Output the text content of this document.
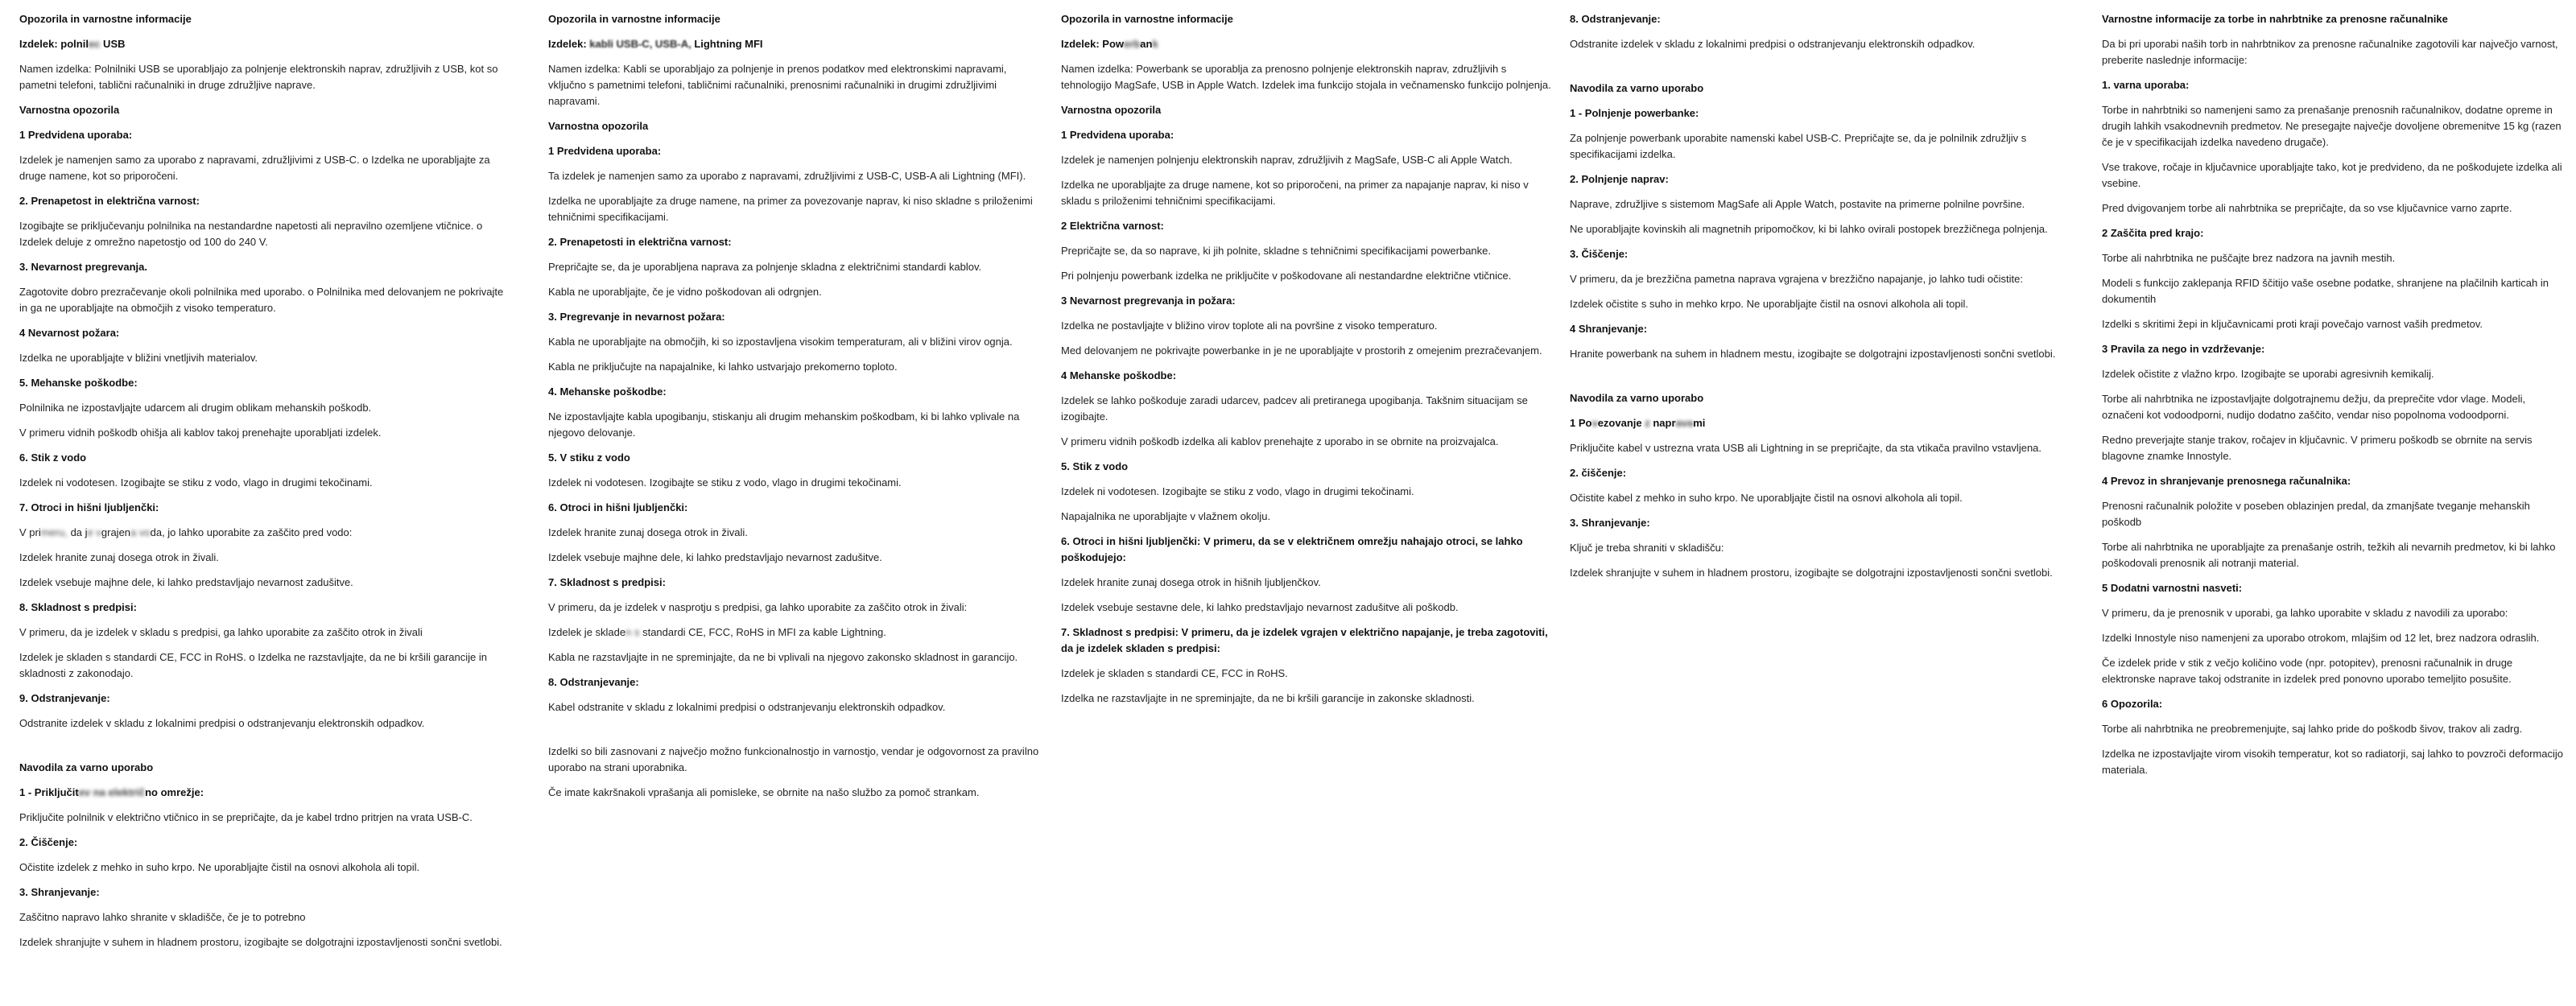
Opozorila in varnostne informacije
Izdelek: polnilec USB

Namen izdelka: Polnilniki USB se uporabljajo za polnjenje elektronskih naprav, združljivih z USB, kot so pametni telefoni, tablični računalniki in druge združljive naprave.

Varnostna opozorila
1 Predvidena uporaba:

Izdelek je namenjen samo za uporabo z napravami, združljivimi z USB-C. o Izdelka ne uporabljajte za druge namene, kot so priporočeni.

2. Prenapetost in električna varnost:

Izogibajte se priključevanju polnilnika na nestandardne napetosti ali nepravilno ozemljene vtičnice. o Izdelek deluje z omrežno napetostjo od 100 do 240 V.

3. Nevarnost pregrevanja.

Zagotovite dobro prezračevanje okoli polnilnika med uporabo. o Polnilnika med delovanjem ne pokrivajte in ga ne uporabljajte na območjih z visoko temperaturo.

4 Nevarnost požara:

Izdelka ne uporabljajte v bližini vnetljivih materialov.

5. Mehanske poškodbe:

Polnilnika ne izpostavljajte udarcem ali drugim oblikam mehanskih poškodb.

V primeru vidnih poškodb ohišja ali kablov takoj prenehajte uporabljati izdelek.

6. Stik z vodo

Izdelek ni vodotesen. Izogibajte se stiku z vodo, vlago in drugimi tekočinami.

7. Otroci in hišni ljubljenčki:

V primeru, da je vgrajena voda, jo lahko uporabite za zaščito pred vodo:

Izdelek hranite zunaj dosega otrok in živali.

Izdelek vsebuje majhne dele, ki lahko predstavljajo nevarnost zadušitve.

8. Skladnost s predpisi:

V primeru, da je izdelek v skladu s predpisi, ga lahko uporabite za zaščito otrok in živali

Izdelek je skladen s standardi CE, FCC in RoHS. o Izdelka ne razstavljajte, da ne bi kršili garancije in skladnosti z zakonodajo.

9. Odstranjevanje:

Odstranite izdelek v skladu z lokalnimi predpisi o odstranjevanju elektronskih odpadkov.

Navodila za varno uporabo
1 - Priključitev na električno omrežje:

Priključite polnilnik v električno vtičnico in se prepričajte, da je kabel trdno pritrjen na vrata USB-C.

2. Čiščenje:

Očistite izdelek z mehko in suho krpo. Ne uporabljajte čistil na osnovi alkohola ali topil.

3. Shranjevanje:

Zaščitno napravo lahko shranite v skladišče, če je to potrebno

Izdelek shranjujte v suhem in hladnem prostoru, izogibajte se dolgotrajni izpostavljenosti sončni svetlobi.

Opozorila in varnostne informacije
Izdelek: kabli USB-C, USB-A, Lightning MFI

Namen izdelka: Kabli se uporabljajo za polnjenje in prenos podatkov med elektronskimi napravami, vključno s pametnimi telefoni, tabličnimi računalniki, prenosnimi računalniki in drugimi združljivimi napravami.

Varnostna opozorila
1 Predvidena uporaba:

Ta izdelek je namenjen samo za uporabo z napravami, združljivimi z USB-C, USB-A ali Lightning (MFI).

Izdelka ne uporabljajte za druge namene, na primer za povezovanje naprav, ki niso skladne s priloženimi tehničnimi specifikacijami.

2. Prenapetosti in električna varnost:

Prepričajte se, da je uporabljena naprava za polnjenje skladna z električnimi standardi kablov.

Kabla ne uporabljajte, če je vidno poškodovan ali odrgnjen.

3. Pregrevanje in nevarnost požara:

Kabla ne uporabljajte na območjih, ki so izpostavljena visokim temperaturam, ali v bližini virov ognja.

Kabla ne priključujte na napajalnike, ki lahko ustvarjajo prekomerno toploto.

4. Mehanske poškodbe:

Ne izpostavljajte kabla upogibanju, stiskanju ali drugim mehanskim poškodbam, ki bi lahko vplivale na njegovo delovanje.

5. V stiku z vodo

Izdelek ni vodotesen. Izogibajte se stiku z vodo, vlago in drugimi tekočinami.

6. Otroci in hišni ljubljenčki:

Izdelek hranite zunaj dosega otrok in živali.

Izdelek vsebuje majhne dele, ki lahko predstavljajo nevarnost zadušitve.

7. Skladnost s predpisi:

V primeru, da je izdelek v nasprotju s predpisi, ga lahko uporabite za zaščito otrok in živali:

Izdelek je skladen s standardi CE, FCC, RoHS in MFI za kable Lightning.

Kabla ne razstavljajte in ne spreminjajte, da ne bi vplivali na njegovo zakonsko skladnost in garancijo.

8. Odstranjevanje:

Kabel odstranite v skladu z lokalnimi predpisi o odstranjevanju elektronskih odpadkov.

Izdelki so bili zasnovani z največjo možno funkcionalnostjo in varnostjo, vendar je odgovornost za pravilno uporabo na strani uporabnika.

Če imate kakršnakoli vprašanja ali pomisleke, se obrnite na našo službo za pomoč strankam.

Opozorila in varnostne informacije
Izdelek: Powerbank

Namen izdelka: Powerbank se uporablja za prenosno polnjenje elektronskih naprav, združljivih s tehnologijo MagSafe, USB in Apple Watch. Izdelek ima funkcijo stojala in večnamensko funkcijo polnjenja.

Varnostna opozorila
1 Predvidena uporaba:

Izdelek je namenjen polnjenju elektronskih naprav, združljivih z MagSafe, USB-C ali Apple Watch.

Izdelka ne uporabljajte za druge namene, kot so priporočeni, na primer za napajanje naprav, ki niso v skladu s priloženimi tehničnimi specifikacijami.

2 Električna varnost:

Prepričajte se, da so naprave, ki jih polnite, skladne s tehničnimi specifikacijami powerbanke.

Pri polnjenju powerbank izdelka ne priključite v poškodovane ali nestandardne električne vtičnice.

3 Nevarnost pregrevanja in požara:

Izdelka ne postavljajte v bližino virov toplote ali na površine z visoko temperaturo.

Med delovanjem ne pokrivajte powerbanke in je ne uporabljajte v prostorih z omejenim prezračevanjem.

4 Mehanske poškodbe:

Izdelek se lahko poškoduje zaradi udarcev, padcev ali pretiranega upogibanja. Takšnim situacijam se izogibajte.

V primeru vidnih poškodb izdelka ali kablov prenehajte z uporabo in se obrnite na proizvajalca.

5. Stik z vodo

Izdelek ni vodotesen. Izogibajte se stiku z vodo, vlago in drugimi tekočinami.

Napajalnika ne uporabljajte v vlažnem okolju.

6. Otroci in hišni ljubljenčki: V primeru, da se v električnem omrežju nahajajo otroci, se lahko poškodujejo:

Izdelek hranite zunaj dosega otrok in hišnih ljubljenčkov.

Izdelek vsebuje sestavne dele, ki lahko predstavljajo nevarnost zadušitve ali poškodb.

7. Skladnost s predpisi: V primeru, da je izdelek vgrajen v električno napajanje, je treba zagotoviti, da je izdelek skladen s predpisi:

Izdelek je skladen s standardi CE, FCC in RoHS.

Izdelka ne razstavljajte in ne spreminjajte, da ne bi kršili garancije in zakonske skladnosti.

8. Odstranjevanje:

Odstranite izdelek v skladu z lokalnimi predpisi o odstranjevanju elektronskih odpadkov.

Navodila za varno uporabo
1 - Polnjenje powerbanke:

Za polnjenje powerbank uporabite namenski kabel USB-C. Prepričajte se, da je polnilnik združljiv s specifikacijami izdelka.

2. Polnjenje naprav:

Naprave, združljive s sistemom MagSafe ali Apple Watch, postavite na primerne polnilne površine.

Ne uporabljajte kovinskih ali magnetnih pripomočkov, ki bi lahko ovirali postopek brezžičnega polnjenja.

3. Čiščenje:

V primeru, da je brezžična pametna naprava vgrajena v brezžično napajanje, jo lahko tudi očistite:

Izdelek očistite s suho in mehko krpo. Ne uporabljajte čistil na osnovi alkohola ali topil.

4 Shranjevanje:

Hranite powerbank na suhem in hladnem mestu, izogibajte se dolgotrajni izpostavljenosti sončni svetlobi.

Navodila za varno uporabo
1 Povezovanje z napravami

Priključite kabel v ustrezna vrata USB ali Lightning in se prepričajte, da sta vtikača pravilno vstavljena.

2. čiščenje:

Očistite kabel z mehko in suho krpo. Ne uporabljajte čistil na osnovi alkohola ali topil.

3. Shranjevanje:

Ključ je treba shraniti v skladišču:

Izdelek shranjujte v suhem in hladnem prostoru, izogibajte se dolgotrajni izpostavljenosti sončni svetlobi.

Varnostne informacije za torbe in nahrbtnike za prenosne računalnike

Da bi pri uporabi naših torb in nahrbtnikov za prenosne računalnike zagotovili kar največjo varnost, preberite naslednje informacije:

1. varna uporaba:

Torbe in nahrbtniki so namenjeni samo za prenašanje prenosnih računalnikov, dodatne opreme in drugih lahkih vsakodnevnih predmetov. Ne presegajte največje dovoljene obremenitve 15 kg (razen če je v specifikacijah izdelka navedeno drugače).

Vse trakove, ročaje in ključavnice uporabljajte tako, kot je predvideno, da ne poškodujete izdelka ali vsebine.

Pred dvigovanjem torbe ali nahrbtnika se prepričajte, da so vse ključavnice varno zaprte.

2 Zaščita pred krajo:

Torbe ali nahrbtnika ne puščajte brez nadzora na javnih mestih.

Modeli s funkcijo zaklepanja RFID ščitijo vaše osebne podatke, shranjene na plačilnih karticah in dokumentih

Izdelki s skritimi žepi in ključavnicami proti kraji povečajo varnost vaših predmetov.

3 Pravila za nego in vzdrževanje:

Izdelek očistite z vlažno krpo. Izogibajte se uporabi agresivnih kemikalij.

Torbe ali nahrbtnika ne izpostavljajte dolgotrajnemu dežju, da preprečite vdor vlage. Modeli, označeni kot vodoodporni, nudijo dodatno zaščito, vendar niso popolnoma vodoodporni.

Redno preverjajte stanje trakov, ročajev in ključavnic. V primeru poškodb se obrnite na servis blagovne znamke Innostyle.

4 Prevoz in shranjevanje prenosnega računalnika:

Prenosni računalnik položite v poseben oblazinjen predal, da zmanjšate tveganje mehanskih poškodb

Torbe ali nahrbtnika ne uporabljajte za prenašanje ostrih, težkih ali nevarnih predmetov, ki bi lahko poškodovali prenosnik ali notranji material.

5 Dodatni varnostni nasveti:

V primeru, da je prenosnik v uporabi, ga lahko uporabite v skladu z navodili za uporabo:

Izdelki Innostyle niso namenjeni za uporabo otrokom, mlajšim od 12 let, brez nadzora odraslih.

Če izdelek pride v stik z večjo količino vode (npr. potopitev), prenosni računalnik in druge elektronske naprave takoj odstranite in izdelek pred ponovno uporabo temeljito posušite.

6 Opozorila:

Torbe ali nahrbtnika ne preobremenjujte, saj lahko pride do poškodb šivov, trakov ali zadrg.

Izdelka ne izpostavljajte virom visokih temperatur, kot so radiatorji, saj lahko to povzroči deformacijo materiala.
